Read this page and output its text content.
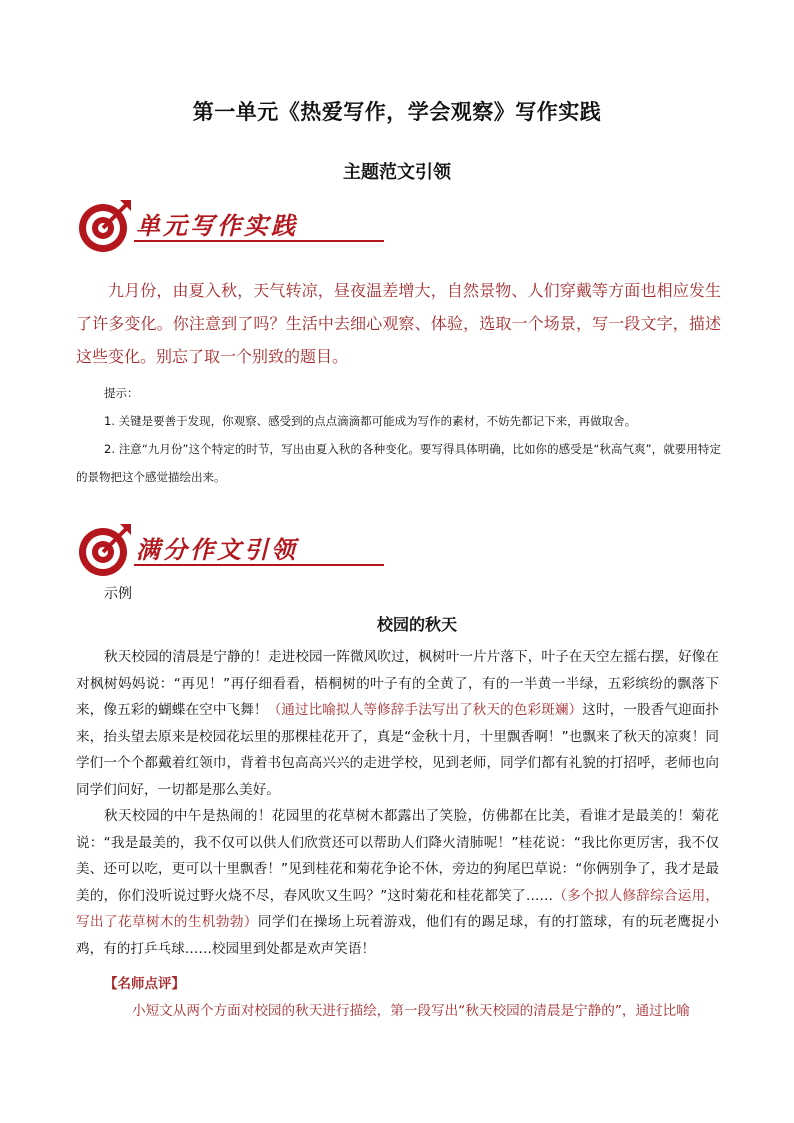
第一单元《热爱写作，学会观察》写作实践
主题范文引领
单元写作实践
九月份，由夏入秋，天气转凉，昼夜温差增大，自然景物、人们穿戴等方面也相应发生了许多变化。你注意到了吗？生活中去细心观察、体验，选取一个场景，写一段文字，描述这些变化。别忘了取一个别致的题目。

提示：

1. 关键是要善于发现，你观察、感受到的点点滴滴都可能成为写作的素材，不妨先都记下来，再做取舍。

2. 注意“九月份”这个特定的时节，写出由夏入秋的各种变化。要写得具体明确，比如你的感受是“秋高气爽”，就要用特定的景物把这个感觉描绘出来。

满分作文引领
示例
校园的秋天

秋天校园的清晨是宁静的！走进校园一阵微风吹过，枫树叶一片片落下，叶子在天空左摇右摆，好像在对枫树妈妈说：“再见！”再仔细看看，梧桐树的叶子有的全黄了，有的一半黄一半绿，五彩缤纷的飘落下来，像五彩的蝴蝶在空中飞舞！（通过比喻拟人等修辞手法写出了秋天的色彩斑斓）这时，一股香气迎面扑来，抬头望去原来是校园花坛里的那棵桂花开了，真是“金秋十月，十里飘香啊！”也飘来了秋天的凉爽！同学们一个个都戴着红领巾，背着书包高高兴兴的走进学校，见到老师，同学们都有礼貌的打招呼，老师也向同学们问好，一切都是那么美好。

秋天校园的中午是热闹的！花园里的花草树木都露出了笑脸，仿佛都在比美，看谁才是最美的！菊花说：“我是最美的，我不仅可以供人们欣赏还可以帮助人们降火清肺呢！”桂花说：“我比你更厉害，我不仅美、还可以吃，更可以十里飘香！”见到桂花和菊花争论不休，旁边的狗尾巴草说：“你俩别争了，我才是最美的，你们没听说过野火烧不尽，春风吹又生吗？”这时菊花和桂花都笑了……（多个拟人修辞综合运用，写出了花草树木的生机勃勃）同学们在操场上玩着游戏，他们有的踢足球，有的打篮球，有的玩老鹰捉小鸡，有的打乒乓球……校园里到处都是欢声笑语！

【名师点评】
小短文从两个方面对校园的秋天进行描绘，第一段写出“秋天校园的清晨是宁静的”，通过比喻
